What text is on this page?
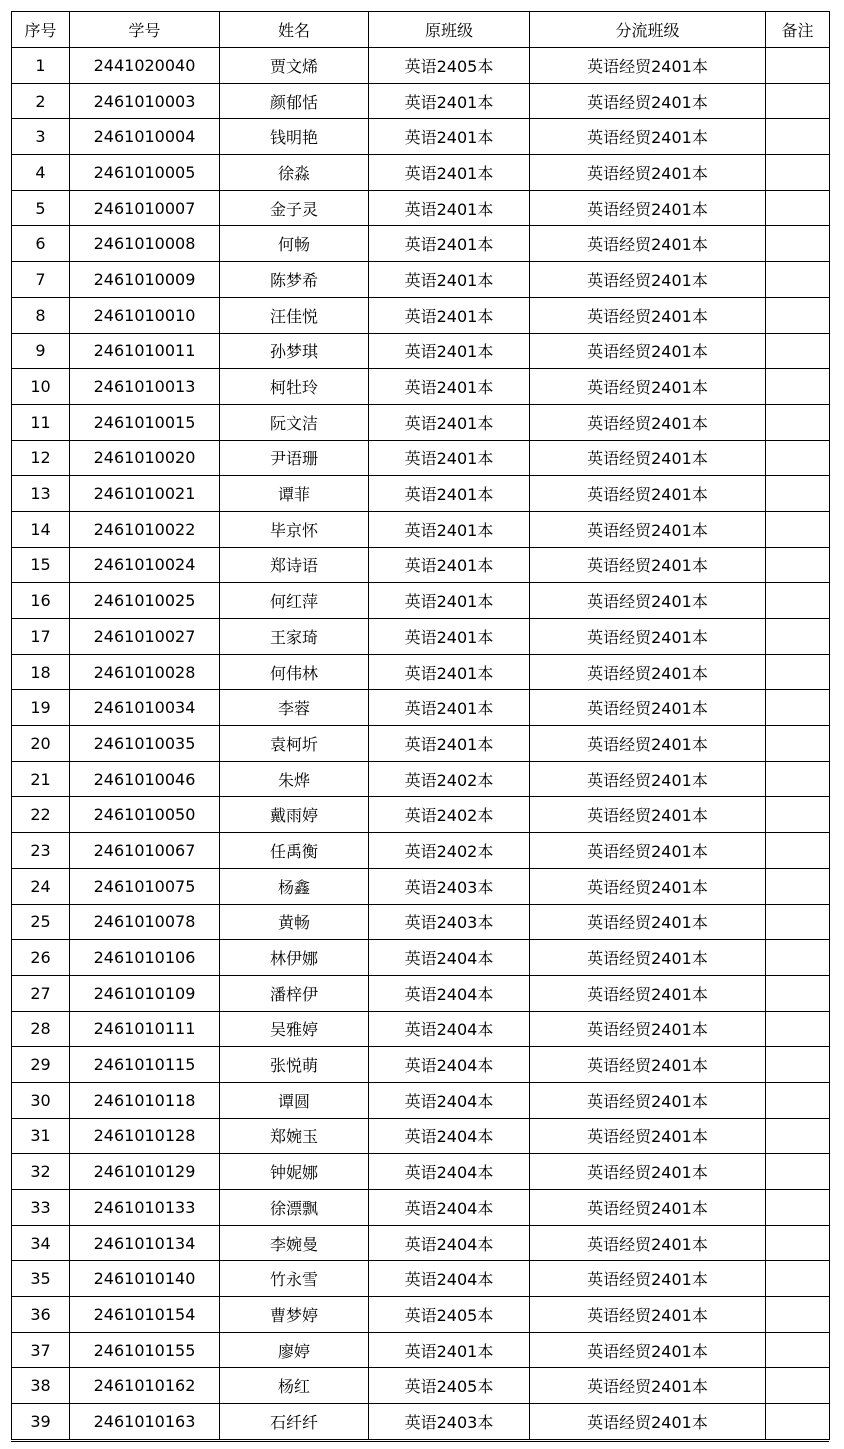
序号	学号	姓名	原班级	分流班级	备注
1	2441020040	贾文烯	英语2405本	英语经贸2401本	
2	2461010003	颜郁恬	英语2401本	英语经贸2401本	
3	2461010004	钱明艳	英语2401本	英语经贸2401本	
4	2461010005	徐淼	英语2401本	英语经贸2401本	
5	2461010007	金子灵	英语2401本	英语经贸2401本	
6	2461010008	何畅	英语2401本	英语经贸2401本	
7	2461010009	陈梦希	英语2401本	英语经贸2401本	
8	2461010010	汪佳悦	英语2401本	英语经贸2401本	
9	2461010011	孙梦琪	英语2401本	英语经贸2401本	
10	2461010013	柯牡玲	英语2401本	英语经贸2401本	
11	2461010015	阮文洁	英语2401本	英语经贸2401本	
12	2461010020	尹语珊	英语2401本	英语经贸2401本	
13	2461010021	谭菲	英语2401本	英语经贸2401本	
14	2461010022	毕京怀	英语2401本	英语经贸2401本	
15	2461010024	郑诗语	英语2401本	英语经贸2401本	
16	2461010025	何红萍	英语2401本	英语经贸2401本	
17	2461010027	王家琦	英语2401本	英语经贸2401本	
18	2461010028	何伟林	英语2401本	英语经贸2401本	
19	2461010034	李蓉	英语2401本	英语经贸2401本	
20	2461010035	袁柯圻	英语2401本	英语经贸2401本	
21	2461010046	朱烨	英语2402本	英语经贸2401本	
22	2461010050	戴雨婷	英语2402本	英语经贸2401本	
23	2461010067	任禹衡	英语2402本	英语经贸2401本	
24	2461010075	杨鑫	英语2403本	英语经贸2401本	
25	2461010078	黄畅	英语2403本	英语经贸2401本	
26	2461010106	林伊娜	英语2404本	英语经贸2401本	
27	2461010109	潘梓伊	英语2404本	英语经贸2401本	
28	2461010111	吴雅婷	英语2404本	英语经贸2401本	
29	2461010115	张悦萌	英语2404本	英语经贸2401本	
30	2461010118	谭圆	英语2404本	英语经贸2401本	
31	2461010128	郑婉玉	英语2404本	英语经贸2401本	
32	2461010129	钟妮娜	英语2404本	英语经贸2401本	
33	2461010133	徐漂飘	英语2404本	英语经贸2401本	
34	2461010134	李婉曼	英语2404本	英语经贸2401本	
35	2461010140	竹永雪	英语2404本	英语经贸2401本	
36	2461010154	曹梦婷	英语2405本	英语经贸2401本	
37	2461010155	廖婷	英语2401本	英语经贸2401本	
38	2461010162	杨红	英语2405本	英语经贸2401本	
39	2461010163	石纤纤	英语2403本	英语经贸2401本	
